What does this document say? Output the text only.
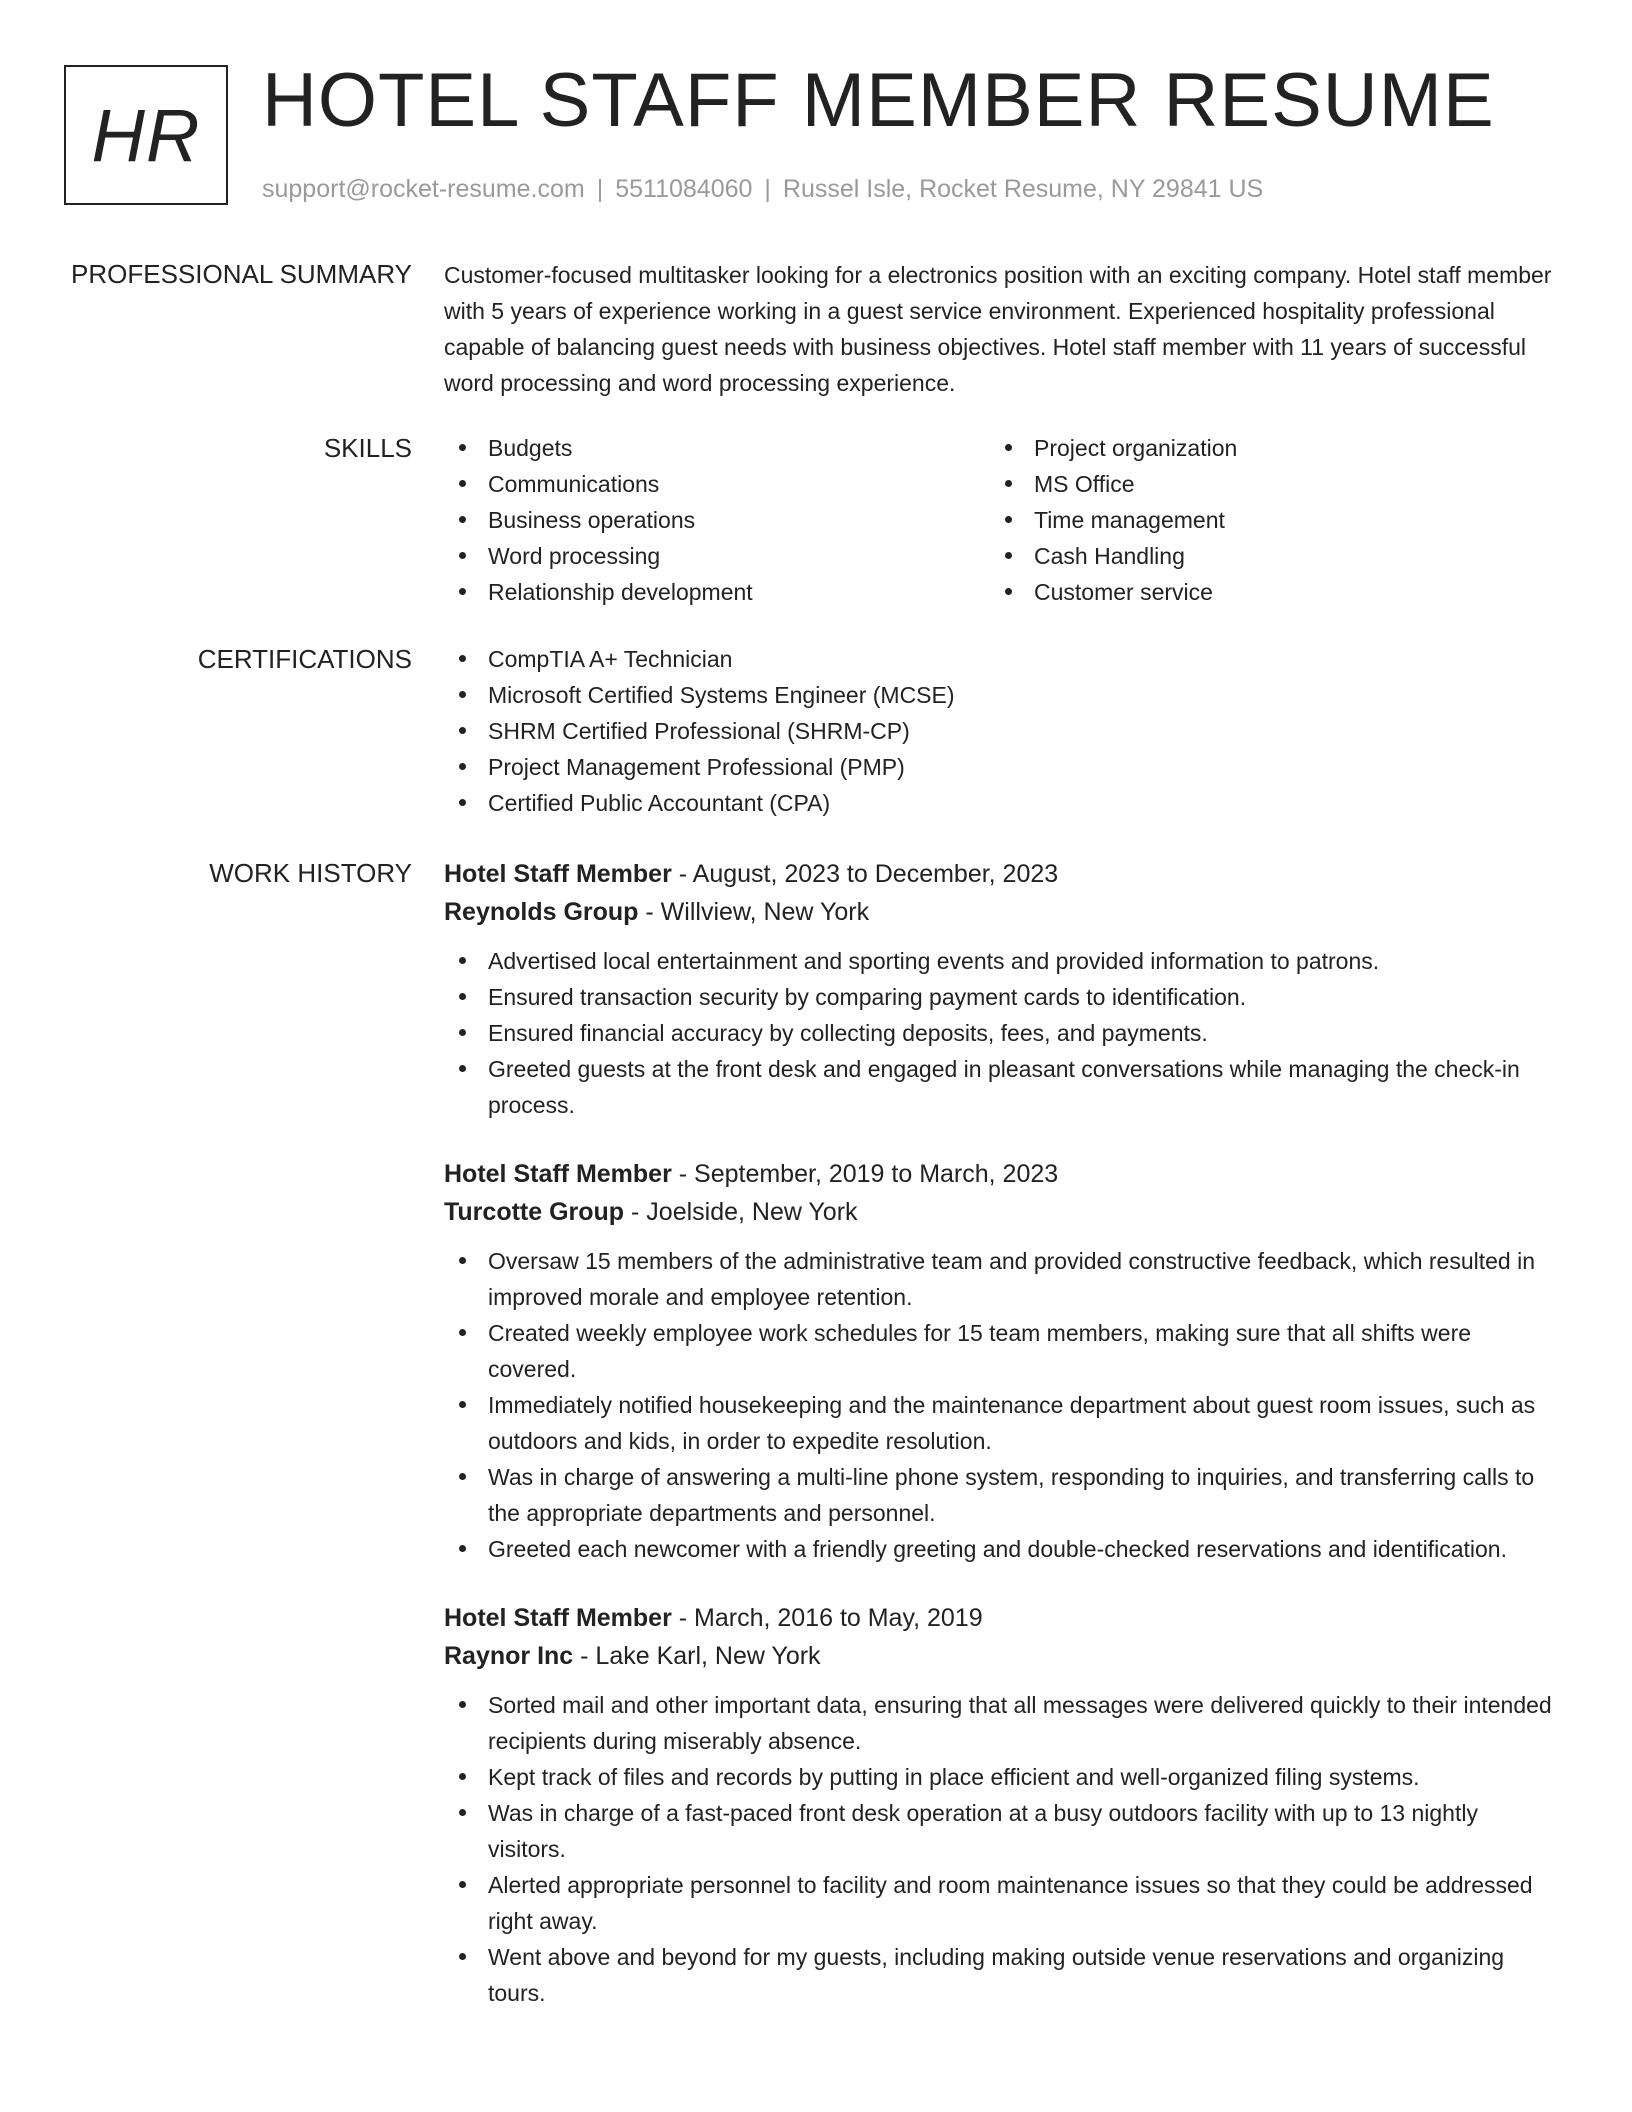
HR HOTEL STAFF MEMBER RESUME
support@rocket-resume.com | 5511084060 | Russel Isle, Rocket Resume, NY 29841 US
PROFESSIONAL SUMMARY Customer-focused multitasker looking for a electronics position with an exciting company. Hotel staff member with 5 years of experience working in a guest service environment. Experienced hospitality professional capable of balancing guest needs with business objectives. Hotel staff member with 11 years of successful word processing and word processing experience.

SKILLS	Budgets
Communications
Business operations
Word processing
Relationship development
Project organization
MS Office
Time management
Cash Handling
Customer service
CERTIFICATIONS	CompTIA A+ Technician
Microsoft Certified Systems Engineer (MCSE)
SHRM Certified Professional (SHRM-CP)
Project Management Professional (PMP)
Certified Public Accountant (CPA)
WORK HISTORY Hotel Staff Member - August, 2023 to December, 2023
Reynolds Group - Willview, New York
Advertised local entertainment and sporting events and provided information to patrons.
Ensured transaction security by comparing payment cards to identification.
Ensured financial accuracy by collecting deposits, fees, and payments.
Greeted guests at the front desk and engaged in pleasant conversations while managing the check-in process.
Hotel Staff Member - September, 2019 to March, 2023
Turcotte Group - Joelside, New York
Oversaw 15 members of the administrative team and provided constructive feedback, which resulted in improved morale and employee retention.
Created weekly employee work schedules for 15 team members, making sure that all shifts were covered.
Immediately notified housekeeping and the maintenance department about guest room issues, such as outdoors and kids, in order to expedite resolution.
Was in charge of answering a multi-line phone system, responding to inquiries, and transferring calls to the appropriate departments and personnel.
Greeted each newcomer with a friendly greeting and double-checked reservations and identification.
Hotel Staff Member - March, 2016 to May, 2019
Raynor Inc - Lake Karl, New York
Sorted mail and other important data, ensuring that all messages were delivered quickly to their intended recipients during miserably absence.
Kept track of files and records by putting in place efficient and well-organized filing systems.
Was in charge of a fast-paced front desk operation at a busy outdoors facility with up to 13 nightly visitors.
Alerted appropriate personnel to facility and room maintenance issues so that they could be addressed right away.
Went above and beyond for my guests, including making outside venue reservations and organizing tours.
